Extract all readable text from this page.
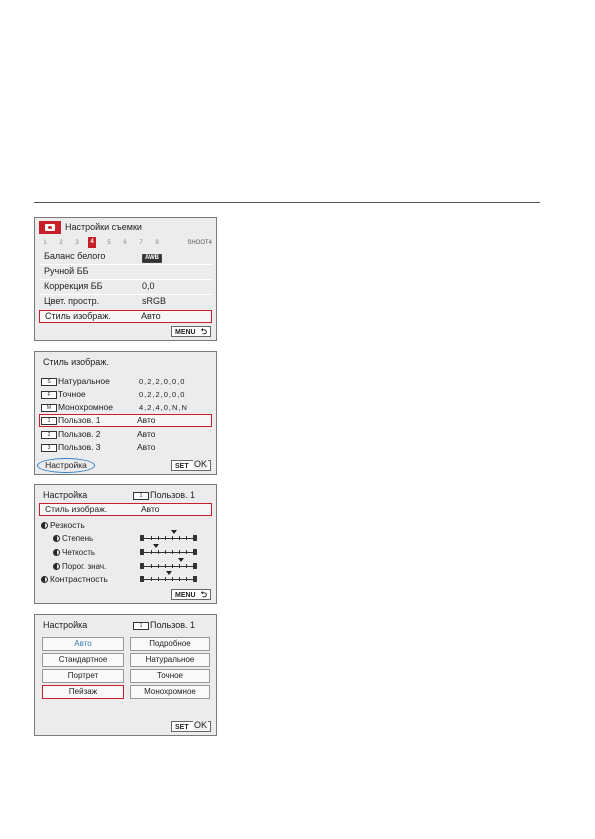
Настройки съемки
1	2	3	4	5	6	7	8	SHOOT4
Баланс белого	AWB
Ручной ББ
Коррекция ББ	0,0
Цвет. простр.	sRGB
Стиль изображ.	Авто
MENU ⮌
Стиль изображ.
S Натуральное	0,2,2,0,0,0
F Точное	0,2,2,0,0,0
M Монохромное	4,2,4,0,N,N
1 Пользов. 1	Авто
2 Пользов. 2	Авто
3 Пользов. 3	Авто
Настройка	SET OK
Настройка	1 Пользов. 1
Стиль изображ.	Авто
Резкость
Степень
Четкость
Порог. знач.
Контрастность
MENU ⮌
Настройка	1 Пользов. 1
Авто	Подробное
Стандартное	Натуральное
Портрет	Точное
Пейзаж	Монохромное
SET OK
